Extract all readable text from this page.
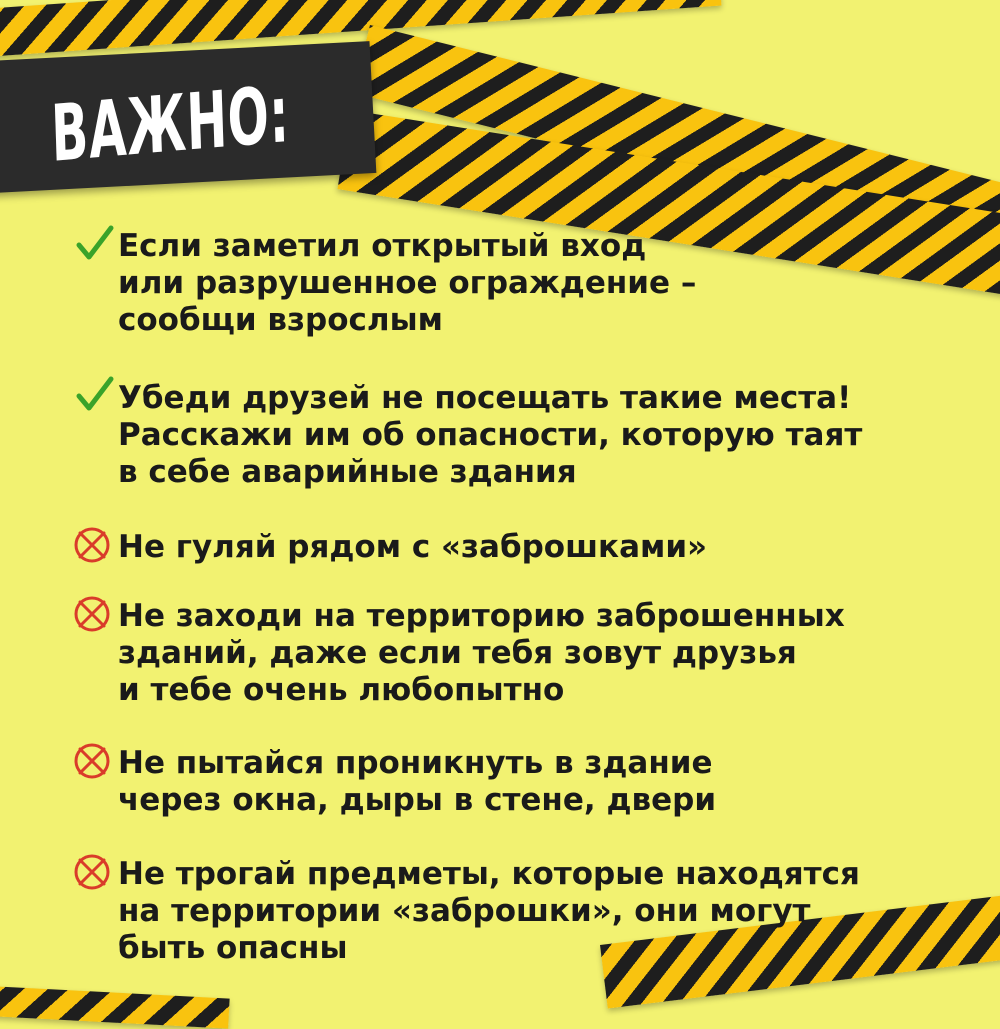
ВАЖНО:
Если заметил открытый вход
или разрушенное ограждение –
сообщи взрослым
Убеди друзей не посещать такие места!
Расскажи им об опасности, которую таят
в себе аварийные здания
Не гуляй рядом с «заброшками»
Не заходи на территорию заброшенных
зданий, даже если тебя зовут друзья
и тебе очень любопытно
Не пытайся проникнуть в здание
через окна, дыры в стене, двери
Не трогай предметы, которые находятся
на территории «заброшки», они могут
быть опасны
